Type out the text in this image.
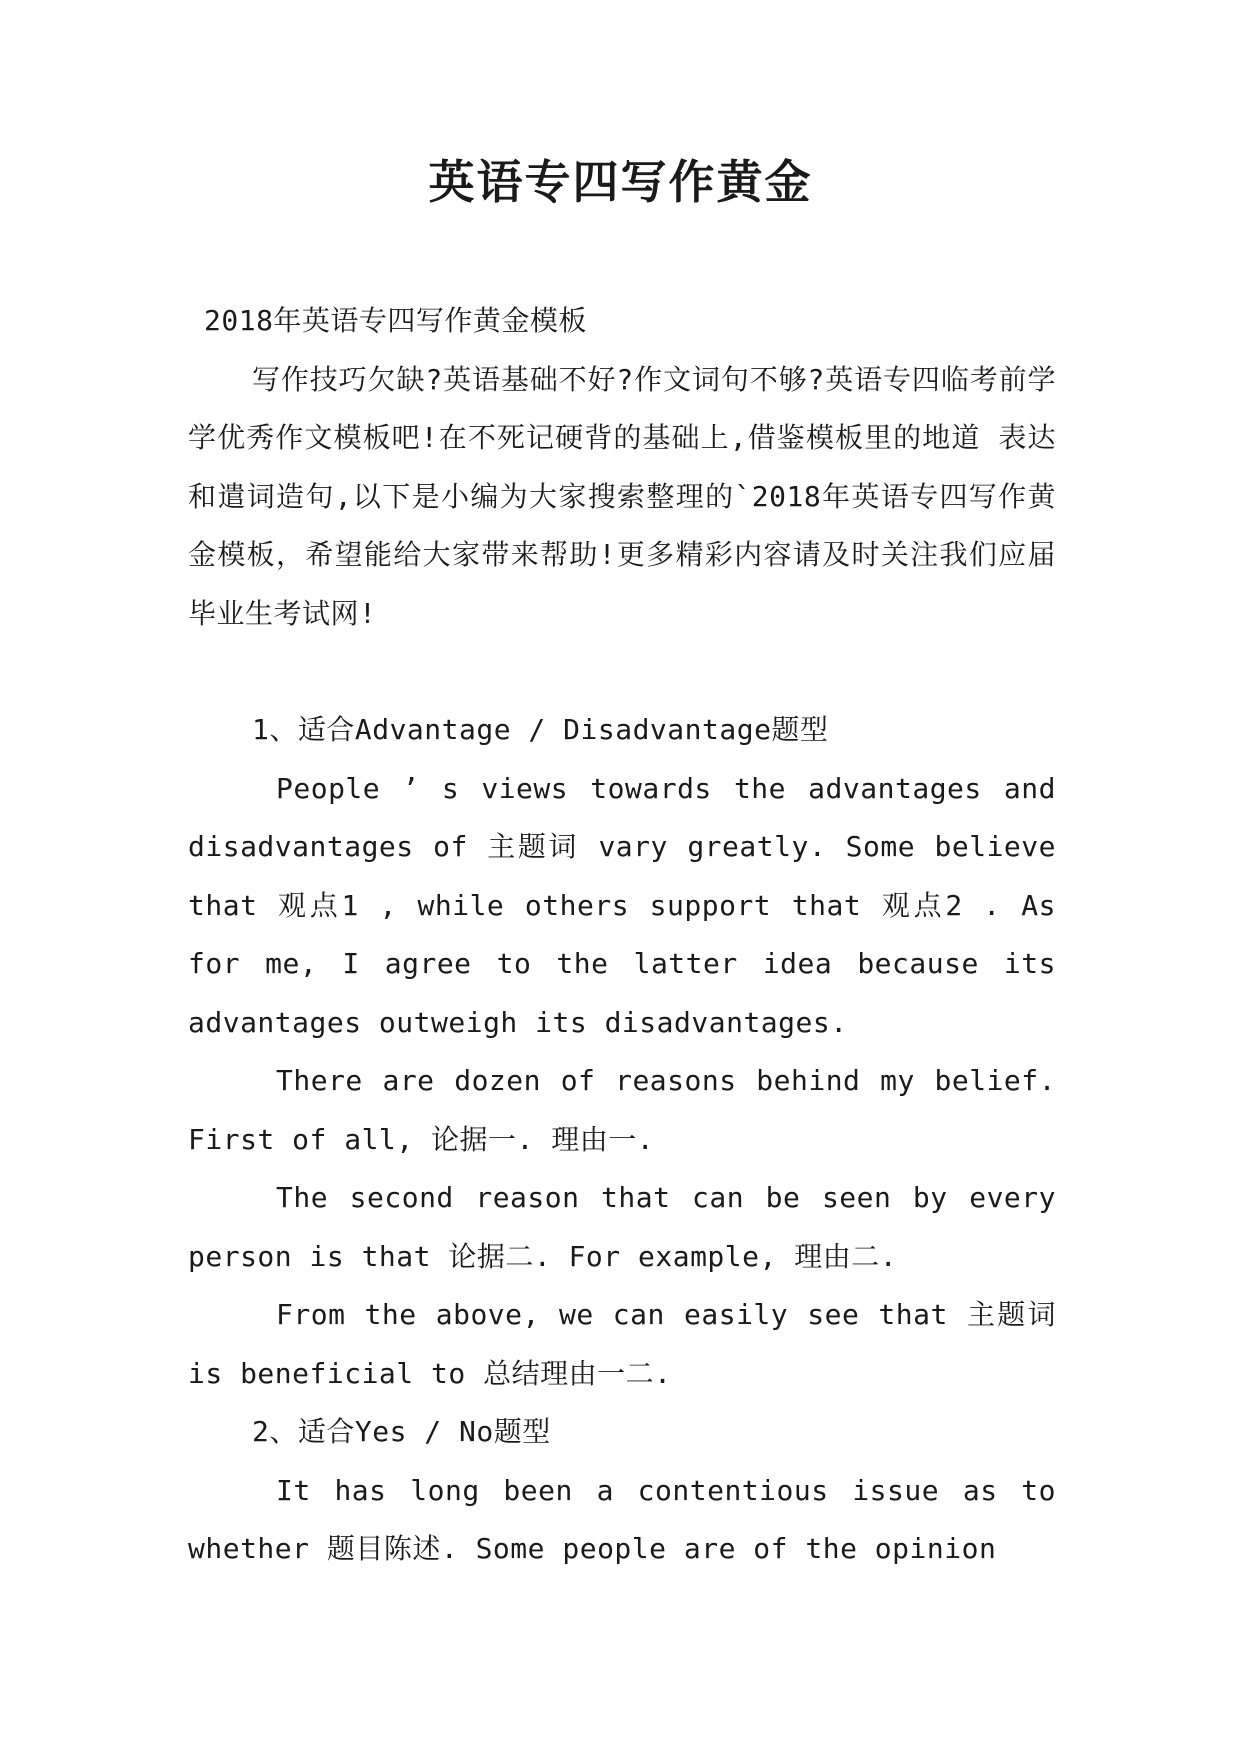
英语专四写作黄金

2018年英语专四写作黄金模板

写作技巧欠缺?英语基础不好?作文词句不够?英语专四临考前学学优秀作文模板吧!在不死记硬背的基础上,借鉴模板里的地道 表达和遣词造句,以下是小编为大家搜索整理的`2018年英语专四写作黄金模板，希望能给大家带来帮助!更多精彩内容请及时关注我们应届毕业生考试网!

1、适合Advantage / Disadvantage题型

People ’ s views towards the advantages and disadvantages of 主题词 vary greatly. Some believe that 观点1 , while others support that 观点2 . As for me, I agree to the latter idea because its advantages outweigh its disadvantages.

There are dozen of reasons behind my belief. First of all, 论据一. 理由一.

The second reason that can be seen by every person is that 论据二. For example, 理由二.

From the above, we can easily see that 主题词 is beneficial to 总结理由一二.

2、适合Yes / No题型

It has long been a contentious issue as to whether 题目陈述. Some people are of the opinion
